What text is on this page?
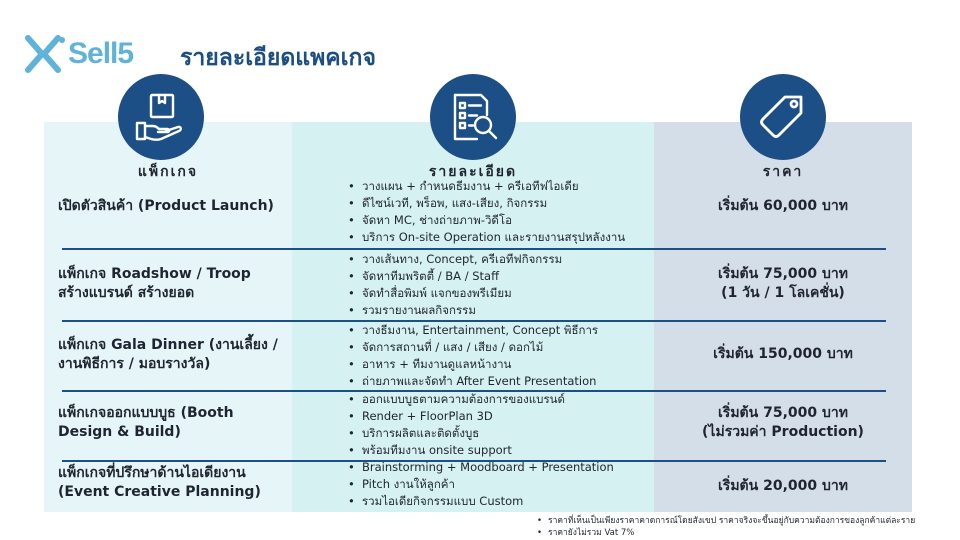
Sell5 รายละเอียดแพคเกจ
แพ็กเกจ	รายละเอียด	ราคา
เปิดตัวสินค้า (Product Launch)
• วางแผน + กำหนดธีมงาน + ครีเอทีฟไอเดีย
• ดีไซน์เวที, พร็อพ, แสง-เสียง, กิจกรรม
• จัดหา MC, ช่างถ่ายภาพ-วิดีโอ
• บริการ On-site Operation และรายงานสรุปหลังงาน
เริ่มต้น 60,000 บาท
แพ็กเกจ Roadshow / Troop
สร้างแบรนด์ สร้างยอด
• วางเส้นทาง, Concept, ครีเอทีฟกิจกรรม
• จัดหาทีมพริตตี้ / BA / Staff
• จัดทำสื่อพิมพ์ แจกของพรีเมียม
• รวมรายงานผลกิจกรรม
เริ่มต้น 75,000 บาท
(1 วัน / 1 โลเคชั่น)
แพ็กเกจ Gala Dinner (งานเลี้ยง /
งานพิธีการ / มอบรางวัล)
• วางธีมงาน, Entertainment, Concept พิธีการ
• จัดการสถานที่ / แสง / เสียง / ดอกไม้
• อาหาร + ทีมงานดูแลหน้างาน
• ถ่ายภาพและจัดทำ After Event Presentation
เริ่มต้น 150,000 บาท
แพ็กเกจออกแบบบูธ (Booth
Design & Build)
• ออกแบบบูธตามความต้องการของแบรนด์
• Render + FloorPlan 3D
• บริการผลิตและติดตั้งบูธ
• พร้อมทีมงาน onsite support
เริ่มต้น 75,000 บาท
(ไม่รวมค่า Production)
แพ็กเกจที่ปรึกษาด้านไอเดียงาน
(Event Creative Planning)
• Brainstorming + Moodboard + Presentation
• Pitch งานให้ลูกค้า
• รวมไอเดียกิจกรรมแบบ Custom
เริ่มต้น 20,000 บาท
• ราคาที่เห็นเป็นเพียงราคาคาดการณ์โดยสังเขป ราคาจริงจะขึ้นอยู่กับความต้องการของลูกค้าแต่ละราย
• ราคายังไม่รวม Vat 7%
